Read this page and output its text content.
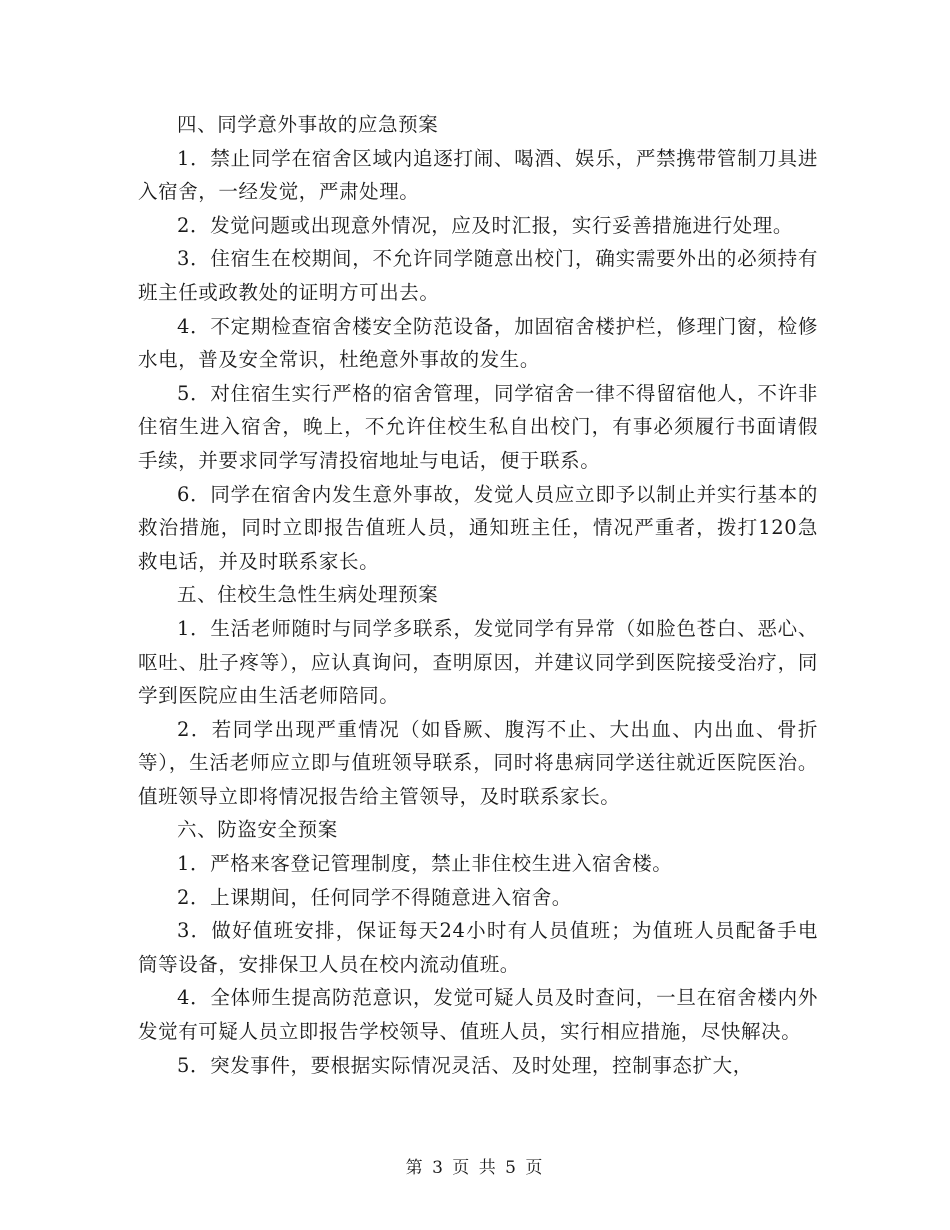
四、同学意外事故的应急预案

1．禁止同学在宿舍区域内追逐打闹、喝酒、娱乐，严禁携带管制刀具进入宿舍，一经发觉，严肃处理。

2．发觉问题或出现意外情况，应及时汇报，实行妥善措施进行处理。

3．住宿生在校期间，不允许同学随意出校门，确实需要外出的必须持有班主任或政教处的证明方可出去。

4．不定期检查宿舍楼安全防范设备，加固宿舍楼护栏，修理门窗，检修水电，普及安全常识，杜绝意外事故的发生。

5．对住宿生实行严格的宿舍管理，同学宿舍一律不得留宿他人，不许非住宿生进入宿舍，晚上，不允许住校生私自出校门，有事必须履行书面请假手续，并要求同学写清投宿地址与电话，便于联系。

6．同学在宿舍内发生意外事故，发觉人员应立即予以制止并实行基本的救治措施，同时立即报告值班人员，通知班主任，情况严重者，拨打120急救电话，并及时联系家长。

五、住校生急性生病处理预案

1．生活老师随时与同学多联系，发觉同学有异常（如脸色苍白、恶心、呕吐、肚子疼等），应认真询问，查明原因，并建议同学到医院接受治疗，同学到医院应由生活老师陪同。

2．若同学出现严重情况（如昏厥、腹泻不止、大出血、内出血、骨折等），生活老师应立即与值班领导联系，同时将患病同学送往就近医院医治。值班领导立即将情况报告给主管领导，及时联系家长。

六、防盗安全预案

1．严格来客登记管理制度，禁止非住校生进入宿舍楼。

2．上课期间，任何同学不得随意进入宿舍。

3．做好值班安排，保证每天24小时有人员值班；为值班人员配备手电筒等设备，安排保卫人员在校内流动值班。

4．全体师生提高防范意识，发觉可疑人员及时查问，一旦在宿舍楼内外发觉有可疑人员立即报告学校领导、值班人员，实行相应措施，尽快解决。

5．突发事件，要根据实际情况灵活、及时处理，控制事态扩大，

第 3 页 共 5 页
